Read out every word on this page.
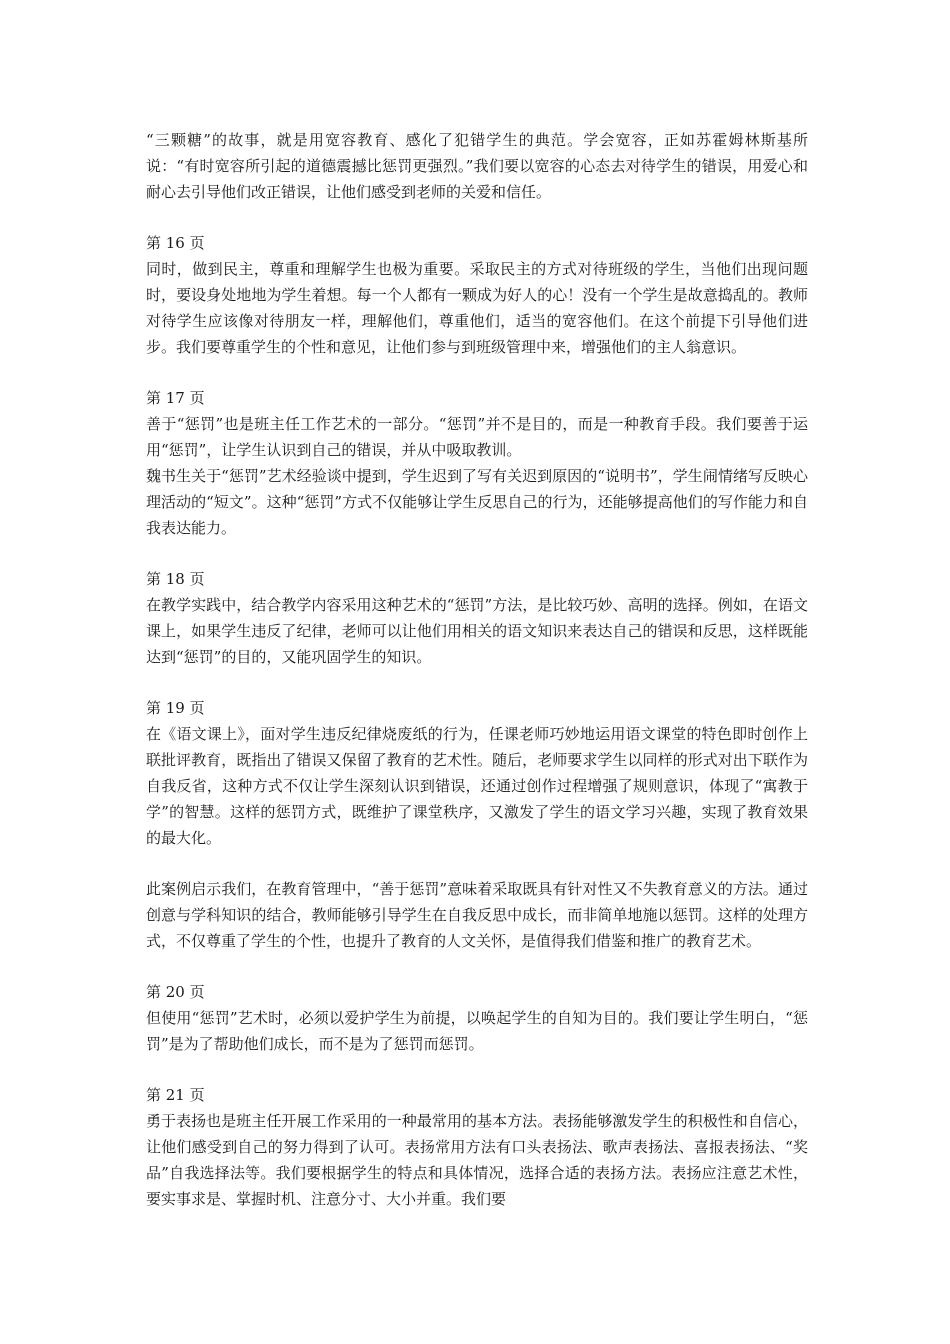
“三颗糖”的故事，就是用宽容教育、感化了犯错学生的典范。学会宽容，正如苏霍姆林斯基所说：“有时宽容所引起的道德震撼比惩罚更强烈。”我们要以宽容的心态去对待学生的错误，用爱心和耐心去引导他们改正错误，让他们感受到老师的关爱和信任。

第 16 页

同时，做到民主，尊重和理解学生也极为重要。采取民主的方式对待班级的学生，当他们出现问题时，要设身处地地为学生着想。每一个人都有一颗成为好人的心！没有一个学生是故意捣乱的。教师对待学生应该像对待朋友一样，理解他们，尊重他们，适当的宽容他们。在这个前提下引导他们进步。我们要尊重学生的个性和意见，让他们参与到班级管理中来，增强他们的主人翁意识。

第 17 页

善于“惩罚”也是班主任工作艺术的一部分。“惩罚”并不是目的，而是一种教育手段。我们要善于运用“惩罚”，让学生认识到自己的错误，并从中吸取教训。

魏书生关于“惩罚”艺术经验谈中提到，学生迟到了写有关迟到原因的“说明书”，学生闹情绪写反映心理活动的“短文”。这种“惩罚”方式不仅能够让学生反思自己的行为，还能够提高他们的写作能力和自我表达能力。

第 18 页

在教学实践中，结合教学内容采用这种艺术的“惩罚”方法，是比较巧妙、高明的选择。例如，在语文课上，如果学生违反了纪律，老师可以让他们用相关的语文知识来表达自己的错误和反思，这样既能达到“惩罚”的目的，又能巩固学生的知识。

第 19 页

在《语文课上》，面对学生违反纪律烧废纸的行为，任课老师巧妙地运用语文课堂的特色即时创作上联批评教育，既指出了错误又保留了教育的艺术性。随后，老师要求学生以同样的形式对出下联作为自我反省，这种方式不仅让学生深刻认识到错误，还通过创作过程增强了规则意识，体现了“寓教于学”的智慧。这样的惩罚方式，既维护了课堂秩序，又激发了学生的语文学习兴趣，实现了教育效果的最大化。

此案例启示我们，在教育管理中，“善于惩罚”意味着采取既具有针对性又不失教育意义的方法。通过创意与学科知识的结合，教师能够引导学生在自我反思中成长，而非简单地施以惩罚。这样的处理方式，不仅尊重了学生的个性，也提升了教育的人文关怀，是值得我们借鉴和推广的教育艺术。

第 20 页

但使用“惩罚”艺术时，必须以爱护学生为前提，以唤起学生的自知为目的。我们要让学生明白，“惩罚”是为了帮助他们成长，而不是为了惩罚而惩罚。

第 21 页

勇于表扬也是班主任开展工作采用的一种最常用的基本方法。表扬能够激发学生的积极性和自信心，让他们感受到自己的努力得到了认可。表扬常用方法有口头表扬法、歌声表扬法、喜报表扬法、“奖品”自我选择法等。我们要根据学生的特点和具体情况，选择合适的表扬方法。表扬应注意艺术性，要实事求是、掌握时机、注意分寸、大小并重。我们要
